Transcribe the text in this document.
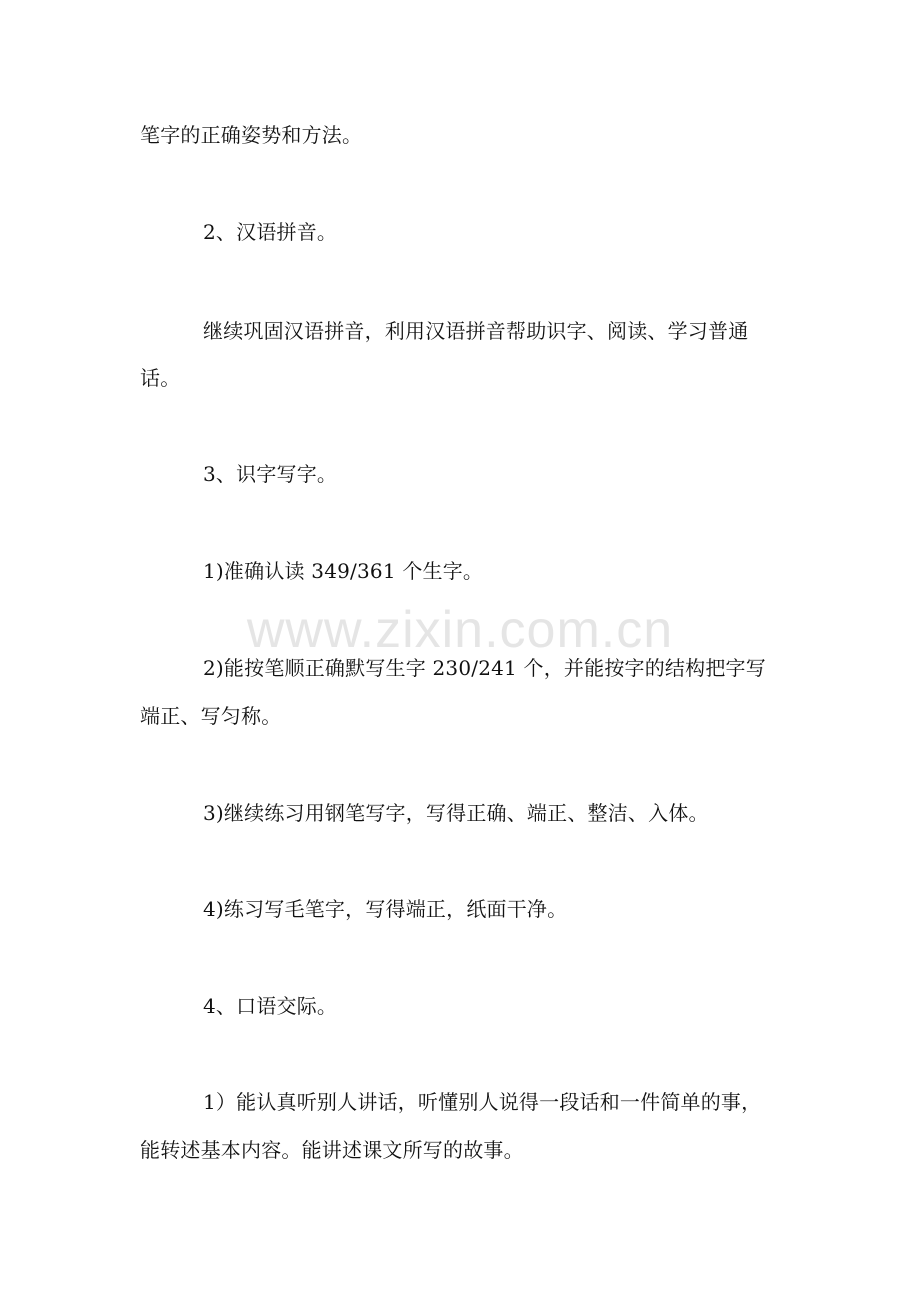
www.zixin.com.cn
笔字的正确姿势和方法。
2、汉语拼音。
继续巩固汉语拼音，利用汉语拼音帮助识字、阅读、学习普通
话。
3、识字写字。
1)准确认读 349/361 个生字。
2)能按笔顺正确默写生字 230/241 个，并能按字的结构把字写
端正、写匀称。
3)继续练习用钢笔写字，写得正确、端正、整洁、入体。
4)练习写毛笔字，写得端正，纸面干净。
4、口语交际。
1）能认真听别人讲话，听懂别人说得一段话和一件简单的事，
能转述基本内容。能讲述课文所写的故事。
